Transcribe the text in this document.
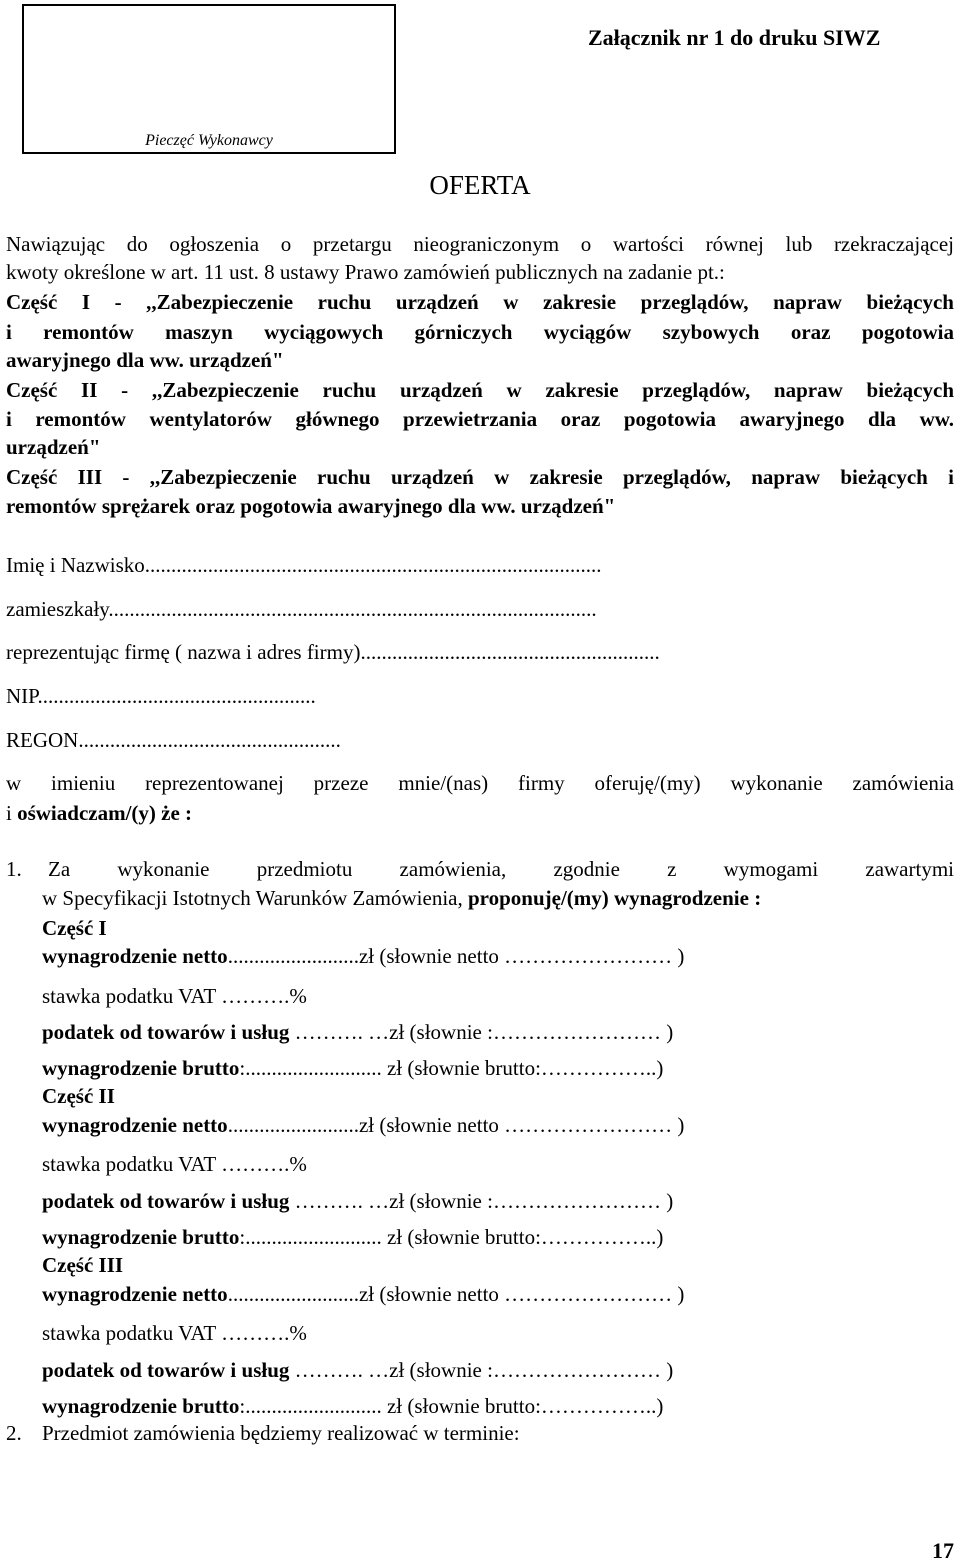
Pieczęć Wykonawcy
Załącznik nr 1 do druku SIWZ
OFERTA
Nawiązując do ogłoszenia o przetargu nieograniczonym o wartości równej lub rzekraczającej
kwoty określone w art. 11 ust. 8 ustawy Prawo zamówień publicznych na zadanie pt.:
Część I - ,,Zabezpieczenie ruchu urządzeń w zakresie przeglądów, napraw bieżących
i remontów maszyn wyciągowych górniczych wyciągów szybowych oraz pogotowia
awaryjnego dla ww. urządzeń"
Część II - ,,Zabezpieczenie ruchu urządzeń w zakresie przeglądów, napraw bieżących
i remontów wentylatorów głównego przewietrzania oraz pogotowia awaryjnego dla ww.
urządzeń"
Część III - ,,Zabezpieczenie ruchu urządzeń w zakresie przeglądów, napraw bieżących i
remontów sprężarek oraz pogotowia awaryjnego dla ww. urządzeń"
Imię i Nazwisko.......................................................................................
zamieszkały.............................................................................................
reprezentując firmę ( nazwa i adres firmy).........................................................
NIP.....................................................
REGON..................................................
w imieniu reprezentowanej przeze mnie/(nas) firmy oferuję/(my) wykonanie zamówienia
i oświadczam/(y) że :
1. Za wykonanie przedmiotu zamówienia, zgodnie z wymogami zawartymi
w Specyfikacji Istotnych Warunków Zamówienia, proponuję/(my) wynagrodzenie :
Część I
wynagrodzenie netto.........................zł (słownie netto …………………… )
stawka podatku VAT ……….%
podatek od towarów i usług ………. …zł (słownie :…………………… )
wynagrodzenie brutto:.......................... zł (słownie brutto:……………..)
Część II
wynagrodzenie netto.........................zł (słownie netto …………………… )
stawka podatku VAT ……….%
podatek od towarów i usług ………. …zł (słownie :…………………… )
wynagrodzenie brutto:.......................... zł (słownie brutto:……………..)
Część III
wynagrodzenie netto.........................zł (słownie netto …………………… )
stawka podatku VAT ……….%
podatek od towarów i usług ………. …zł (słownie :…………………… )
wynagrodzenie brutto:.......................... zł (słownie brutto:……………..)
2. Przedmiot zamówienia będziemy realizować w terminie:
17
